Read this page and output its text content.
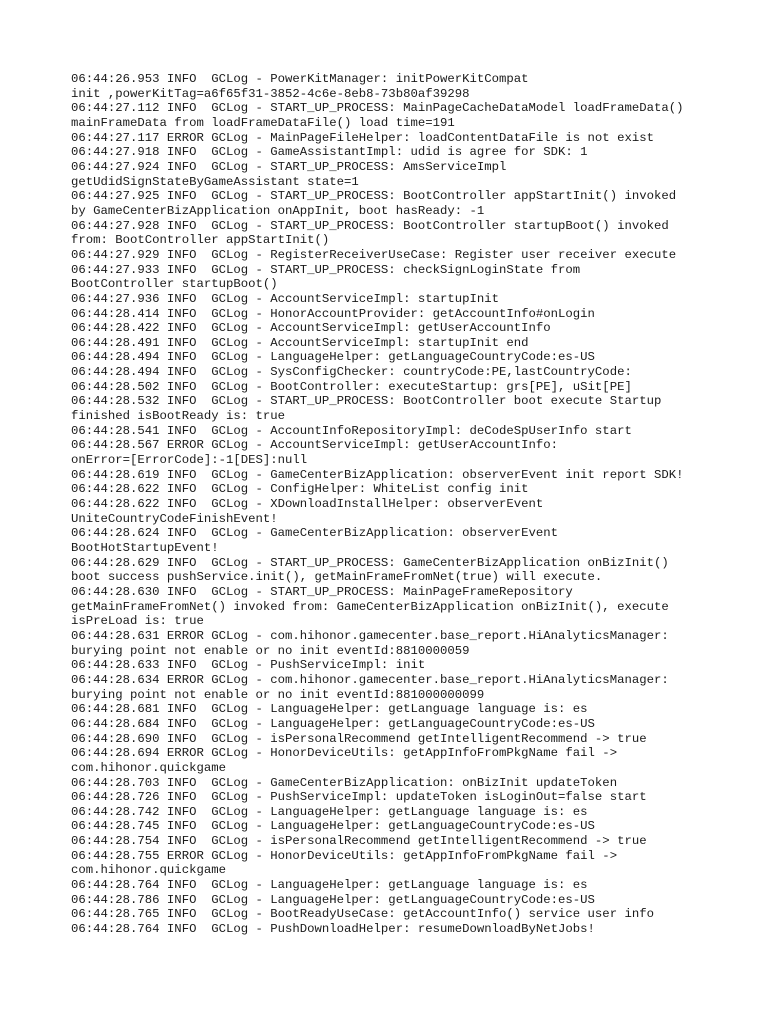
06:44:26.953 INFO  GCLog - PowerKitManager: initPowerKitCompat
init ,powerKitTag=a6f65f31-3852-4c6e-8eb8-73b80af39298
06:44:27.112 INFO  GCLog - START_UP_PROCESS: MainPageCacheDataModel loadFrameData()
mainFrameData from loadFrameDataFile() load time=191
06:44:27.117 ERROR GCLog - MainPageFileHelper: loadContentDataFile is not exist
06:44:27.918 INFO  GCLog - GameAssistantImpl: udid is agree for SDK: 1
06:44:27.924 INFO  GCLog - START_UP_PROCESS: AmsServiceImpl
getUdidSignStateByGameAssistant state=1
06:44:27.925 INFO  GCLog - START_UP_PROCESS: BootController appStartInit() invoked
by GameCenterBizApplication onAppInit, boot hasReady: -1
06:44:27.928 INFO  GCLog - START_UP_PROCESS: BootController startupBoot() invoked
from: BootController appStartInit()
06:44:27.929 INFO  GCLog - RegisterReceiverUseCase: Register user receiver execute
06:44:27.933 INFO  GCLog - START_UP_PROCESS: checkSignLoginState from
BootController startupBoot()
06:44:27.936 INFO  GCLog - AccountServiceImpl: startupInit
06:44:28.414 INFO  GCLog - HonorAccountProvider: getAccountInfo#onLogin
06:44:28.422 INFO  GCLog - AccountServiceImpl: getUserAccountInfo
06:44:28.491 INFO  GCLog - AccountServiceImpl: startupInit end
06:44:28.494 INFO  GCLog - LanguageHelper: getLanguageCountryCode:es-US
06:44:28.494 INFO  GCLog - SysConfigChecker: countryCode:PE,lastCountryCode:
06:44:28.502 INFO  GCLog - BootController: executeStartup: grs[PE], uSit[PE]
06:44:28.532 INFO  GCLog - START_UP_PROCESS: BootController boot execute Startup
finished isBootReady is: true
06:44:28.541 INFO  GCLog - AccountInfoRepositoryImpl: deCodeSpUserInfo start
06:44:28.567 ERROR GCLog - AccountServiceImpl: getUserAccountInfo:
onError=[ErrorCode]:-1[DES]:null
06:44:28.619 INFO  GCLog - GameCenterBizApplication: observerEvent init report SDK!
06:44:28.622 INFO  GCLog - ConfigHelper: WhiteList config init
06:44:28.622 INFO  GCLog - XDownloadInstallHelper: observerEvent
UniteCountryCodeFinishEvent!
06:44:28.624 INFO  GCLog - GameCenterBizApplication: observerEvent
BootHotStartupEvent!
06:44:28.629 INFO  GCLog - START_UP_PROCESS: GameCenterBizApplication onBizInit()
boot success pushService.init(), getMainFrameFromNet(true) will execute.
06:44:28.630 INFO  GCLog - START_UP_PROCESS: MainPageFrameRepository
getMainFrameFromNet() invoked from: GameCenterBizApplication onBizInit(), execute
isPreLoad is: true
06:44:28.631 ERROR GCLog - com.hihonor.gamecenter.base_report.HiAnalyticsManager:
burying point not enable or no init eventId:8810000059
06:44:28.633 INFO  GCLog - PushServiceImpl: init
06:44:28.634 ERROR GCLog - com.hihonor.gamecenter.base_report.HiAnalyticsManager:
burying point not enable or no init eventId:881000000099
06:44:28.681 INFO  GCLog - LanguageHelper: getLanguage language is: es
06:44:28.684 INFO  GCLog - LanguageHelper: getLanguageCountryCode:es-US
06:44:28.690 INFO  GCLog - isPersonalRecommend getIntelligentRecommend -> true
06:44:28.694 ERROR GCLog - HonorDeviceUtils: getAppInfoFromPkgName fail ->
com.hihonor.quickgame
06:44:28.703 INFO  GCLog - GameCenterBizApplication: onBizInit updateToken
06:44:28.726 INFO  GCLog - PushServiceImpl: updateToken isLoginOut=false start
06:44:28.742 INFO  GCLog - LanguageHelper: getLanguage language is: es
06:44:28.745 INFO  GCLog - LanguageHelper: getLanguageCountryCode:es-US
06:44:28.754 INFO  GCLog - isPersonalRecommend getIntelligentRecommend -> true
06:44:28.755 ERROR GCLog - HonorDeviceUtils: getAppInfoFromPkgName fail ->
com.hihonor.quickgame
06:44:28.764 INFO  GCLog - LanguageHelper: getLanguage language is: es
06:44:28.786 INFO  GCLog - LanguageHelper: getLanguageCountryCode:es-US
06:44:28.765 INFO  GCLog - BootReadyUseCase: getAccountInfo() service user info
06:44:28.764 INFO  GCLog - PushDownloadHelper: resumeDownloadByNetJobs!
